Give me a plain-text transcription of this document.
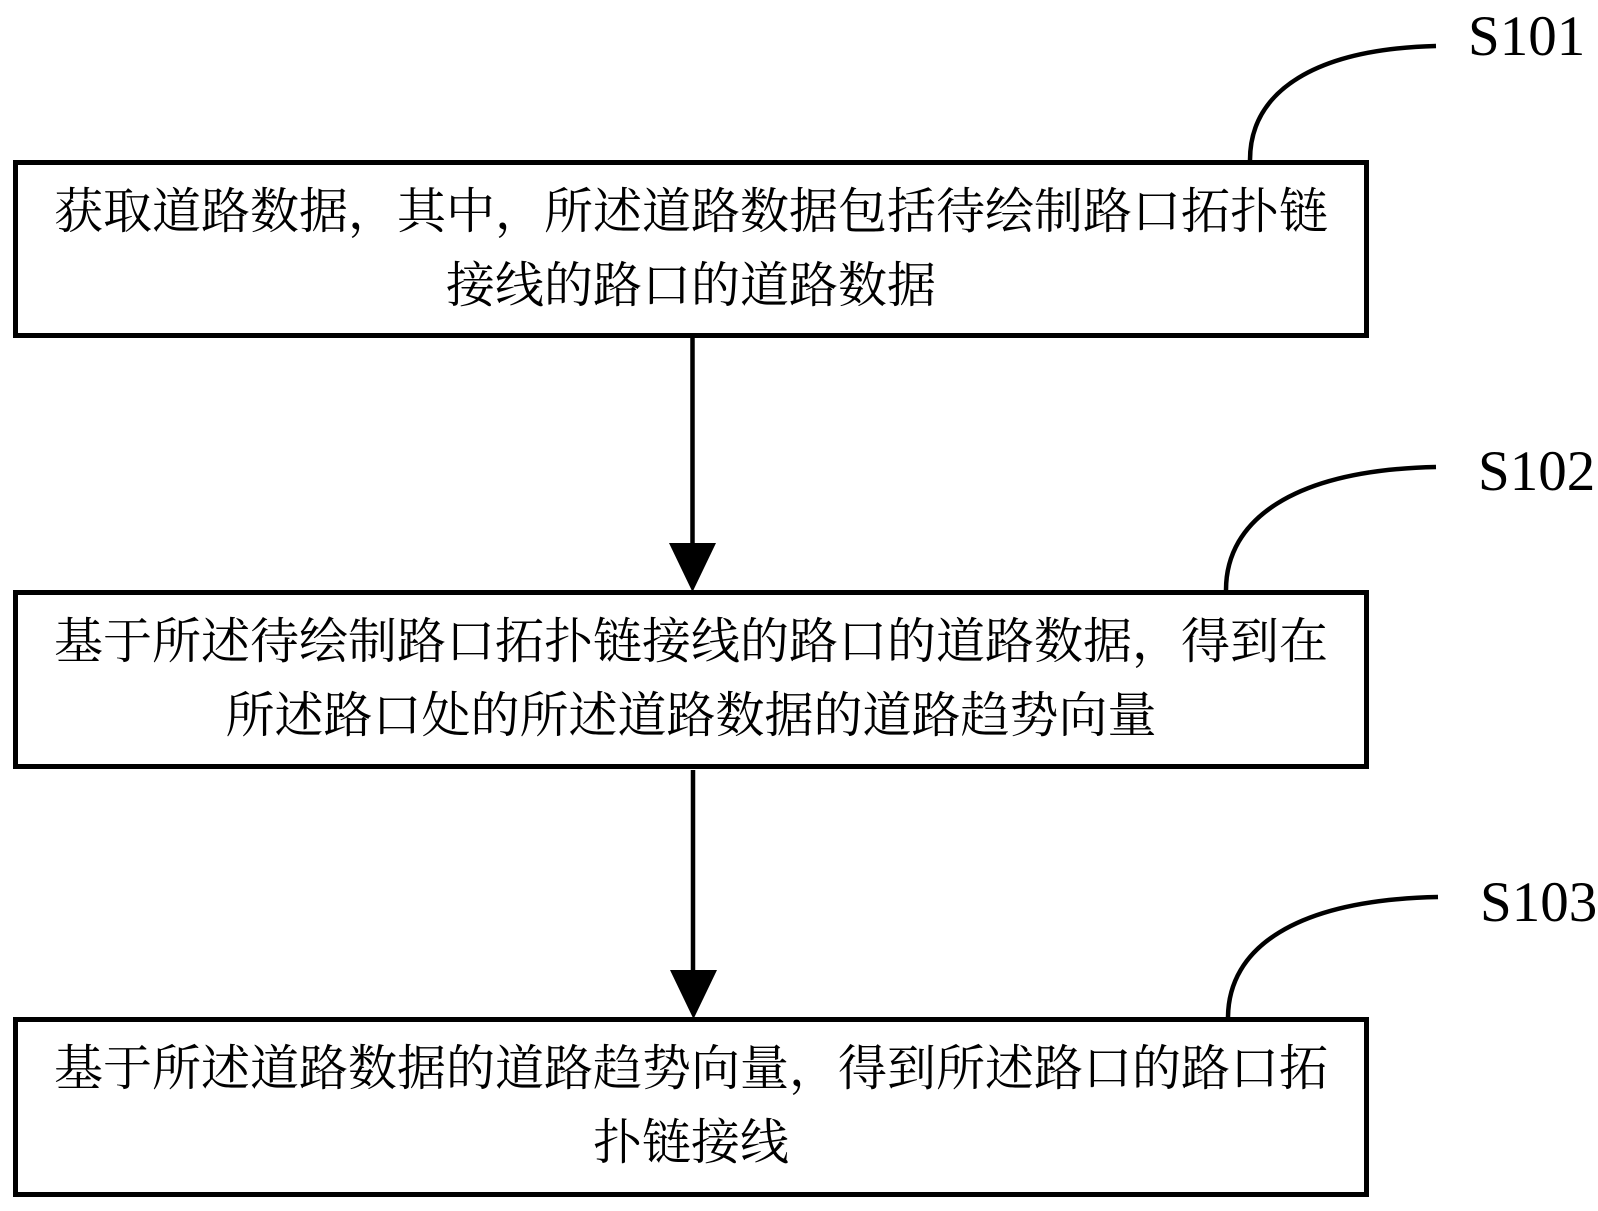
获取道路数据，其中，所述道路数据包括待绘制路口拓扑链
接线的路口的道路数据
基于所述待绘制路口拓扑链接线的路口的道路数据，得到在
所述路口处的所述道路数据的道路趋势向量
基于所述道路数据的道路趋势向量，得到所述路口的路口拓
扑链接线
S101
S102
S103
